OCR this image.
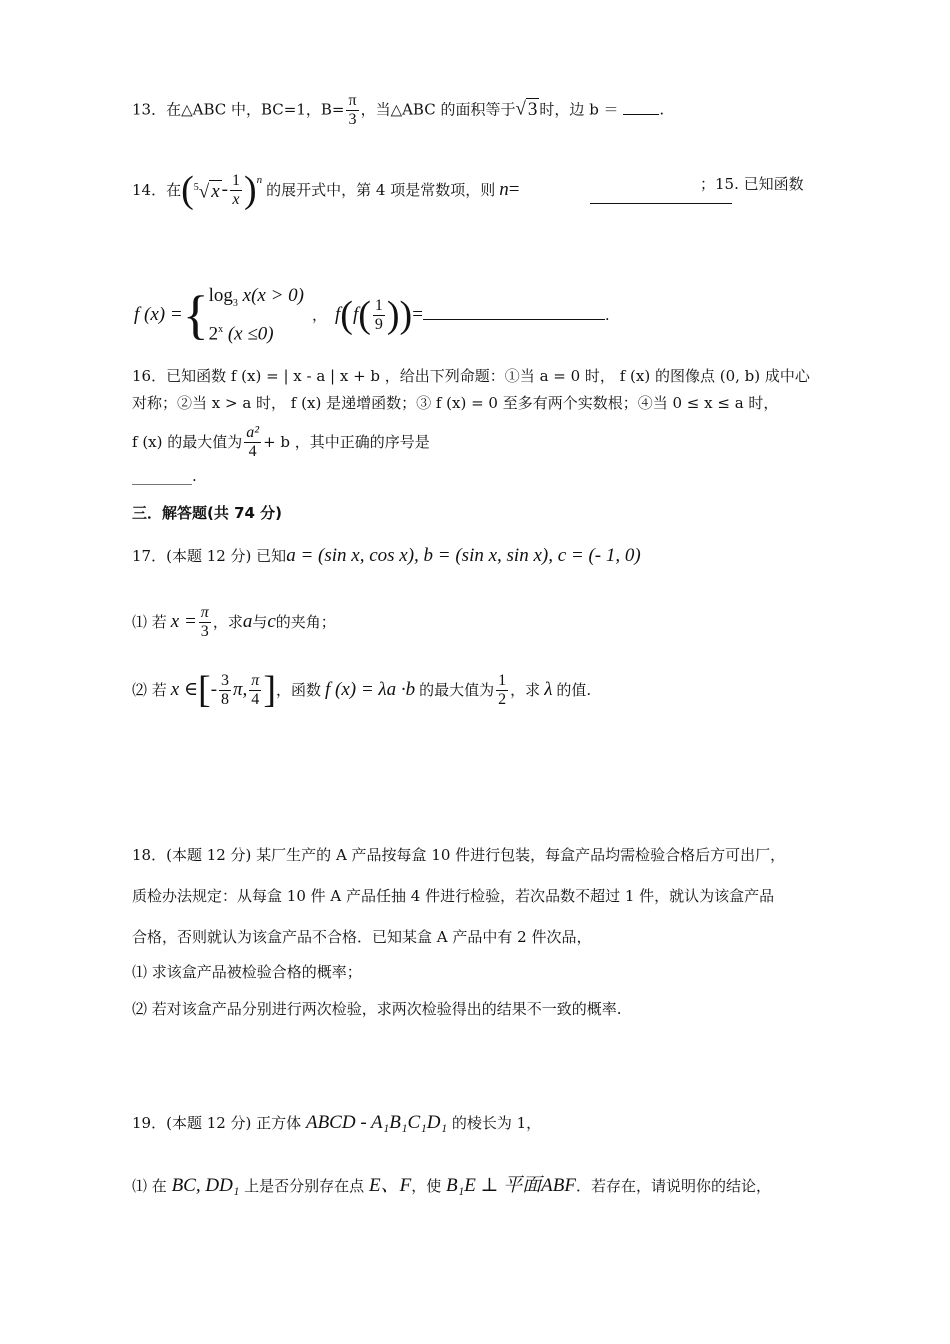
13．在△ABC 中，BC=1，$B= \frac{\pi}{3}$ ，当△ABC 的面积等于√ 3 时，边 b ＝	.
14．在 ( $^5$√ x - $\frac{1}{x} )^n$
的展开式中，第 4 项是常数项，则 n =	；15. 已知函数
f (x) = { $\log_3 x(x > 0)$
2$^x$ (x ≤0)
， f ( f ( $\frac{1}{9}$ ) ) =	.
16．已知函数 f (x) = | x - a | x + b ，给出下列命题：①当 a = 0 时， f (x) 的图像点 (0, b) 成中心
对称；②当 x > a 时， f (x) 是递增函数；③ f (x) = 0 至多有两个实数根；④当 0 ≤ x ≤ a 时，
f (x) 的最大值为 $\frac{\text{a²}}{4} + b$ ，其中正确的序号是
________.
三．解答题(共 74 分)
17．(本题 12 分) 已知a = (sin x, cos x), b = (sin x, sin x), c = (- 1, 0)
⑴ 若 $x = \frac{\pi}{3}$ ，求 a 与 c 的夹角；
⑵ 若 x ∈ [ - $\frac{3}{8} \pi$, $\frac{\pi}{4}$ ] ，函数 f (x) = λa ·b 的最大值为 $\frac{1}{2}$ ，求 λ 的值.
18．(本题 12 分) 某厂生产的 A 产品按每盒 10 件进行包装，每盒产品均需检验合格后方可出厂，
质检办法规定：从每盒 10 件 A 产品任抽 4 件进行检验，若次品数不超过 1 件，就认为该盒产品
合格，否则就认为该盒产品不合格．已知某盒 A 产品中有 2 件次品，
⑴ 求该盒产品被检验合格的概率；
⑵ 若对该盒产品分别进行两次检验，求两次检验得出的结果不一致的概率.
19．(本题 12 分) 正方体 ABCD - A₁B₁C₁D₁ 的棱长为 1，
⑴ 在 BC, DD₁ 上是否分别存在点 E、F，使 B₁E ⊥ 平面ABF．若存在，请说明你的结论，
